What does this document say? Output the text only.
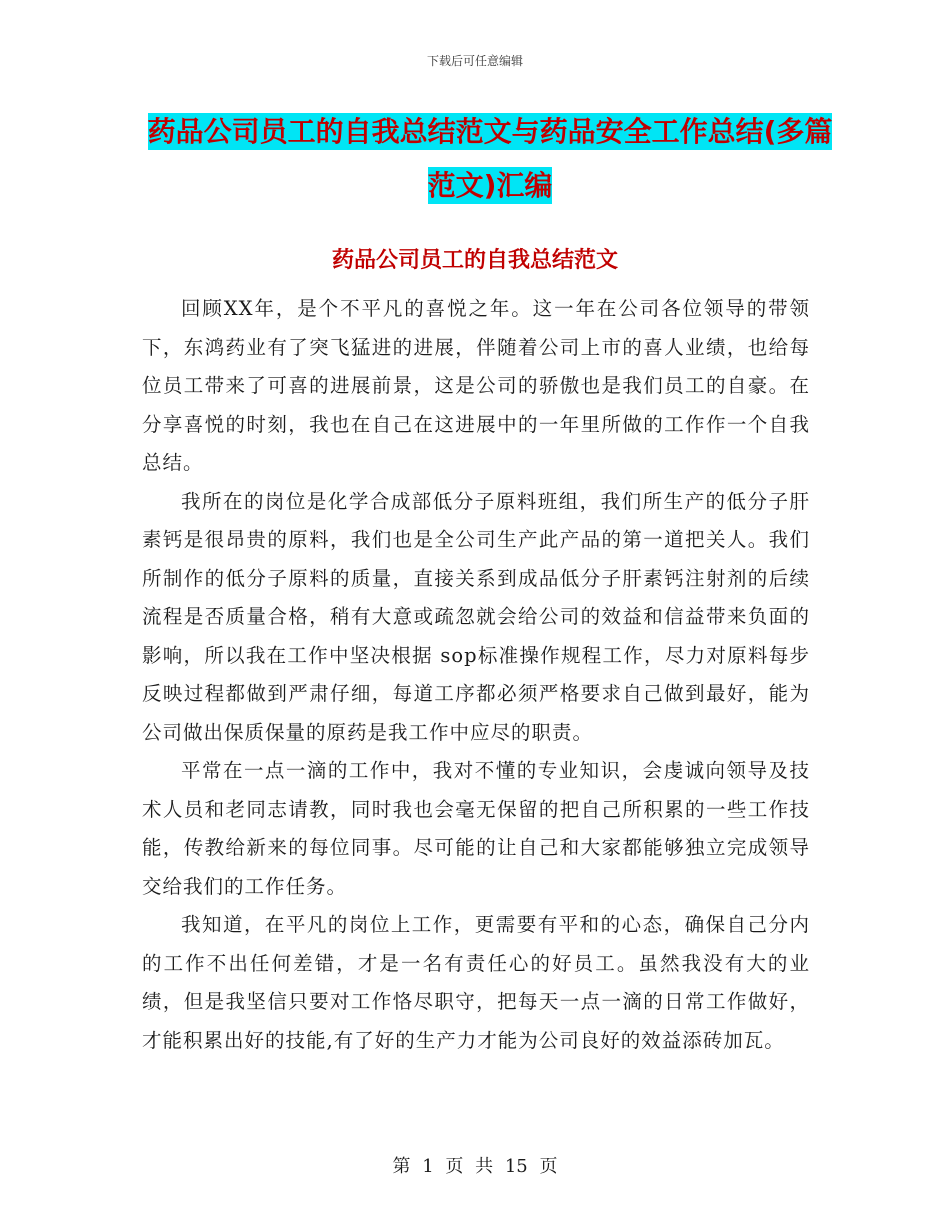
下载后可任意编辑
药品公司员工的自我总结范文与药品安全工作总结(多篇范文)汇编
药品公司员工的自我总结范文

回顾XX年，是个不平凡的喜悦之年。这一年在公司各位领导的带领下，东鸿药业有了突飞猛进的进展，伴随着公司上市的喜人业绩，也给每位员工带来了可喜的进展前景，这是公司的骄傲也是我们员工的自豪。在分享喜悦的时刻，我也在自己在这进展中的一年里所做的工作作一个自我总结。

我所在的岗位是化学合成部低分子原料班组，我们所生产的低分子肝素钙是很昂贵的原料，我们也是全公司生产此产品的第一道把关人。我们所制作的低分子原料的质量，直接关系到成品低分子肝素钙注射剂的后续流程是否质量合格，稍有大意或疏忽就会给公司的效益和信益带来负面的影响，所以我在工作中坚决根据 sop标准操作规程工作，尽力对原料每步反映过程都做到严肃仔细，每道工序都必须严格要求自己做到最好，能为公司做出保质保量的原药是我工作中应尽的职责。

平常在一点一滴的工作中，我对不懂的专业知识，会虔诚向领导及技术人员和老同志请教，同时我也会毫无保留的把自己所积累的一些工作技能，传教给新来的每位同事。尽可能的让自己和大家都能够独立完成领导交给我们的工作任务。

我知道，在平凡的岗位上工作，更需要有平和的心态，确保自己分内的工作不出任何差错，才是一名有责任心的好员工。虽然我没有大的业绩，但是我坚信只要对工作恪尽职守，把每天一点一滴的日常工作做好，才能积累出好的技能,有了好的生产力才能为公司良好的效益添砖加瓦。

第 1 页 共 15 页
